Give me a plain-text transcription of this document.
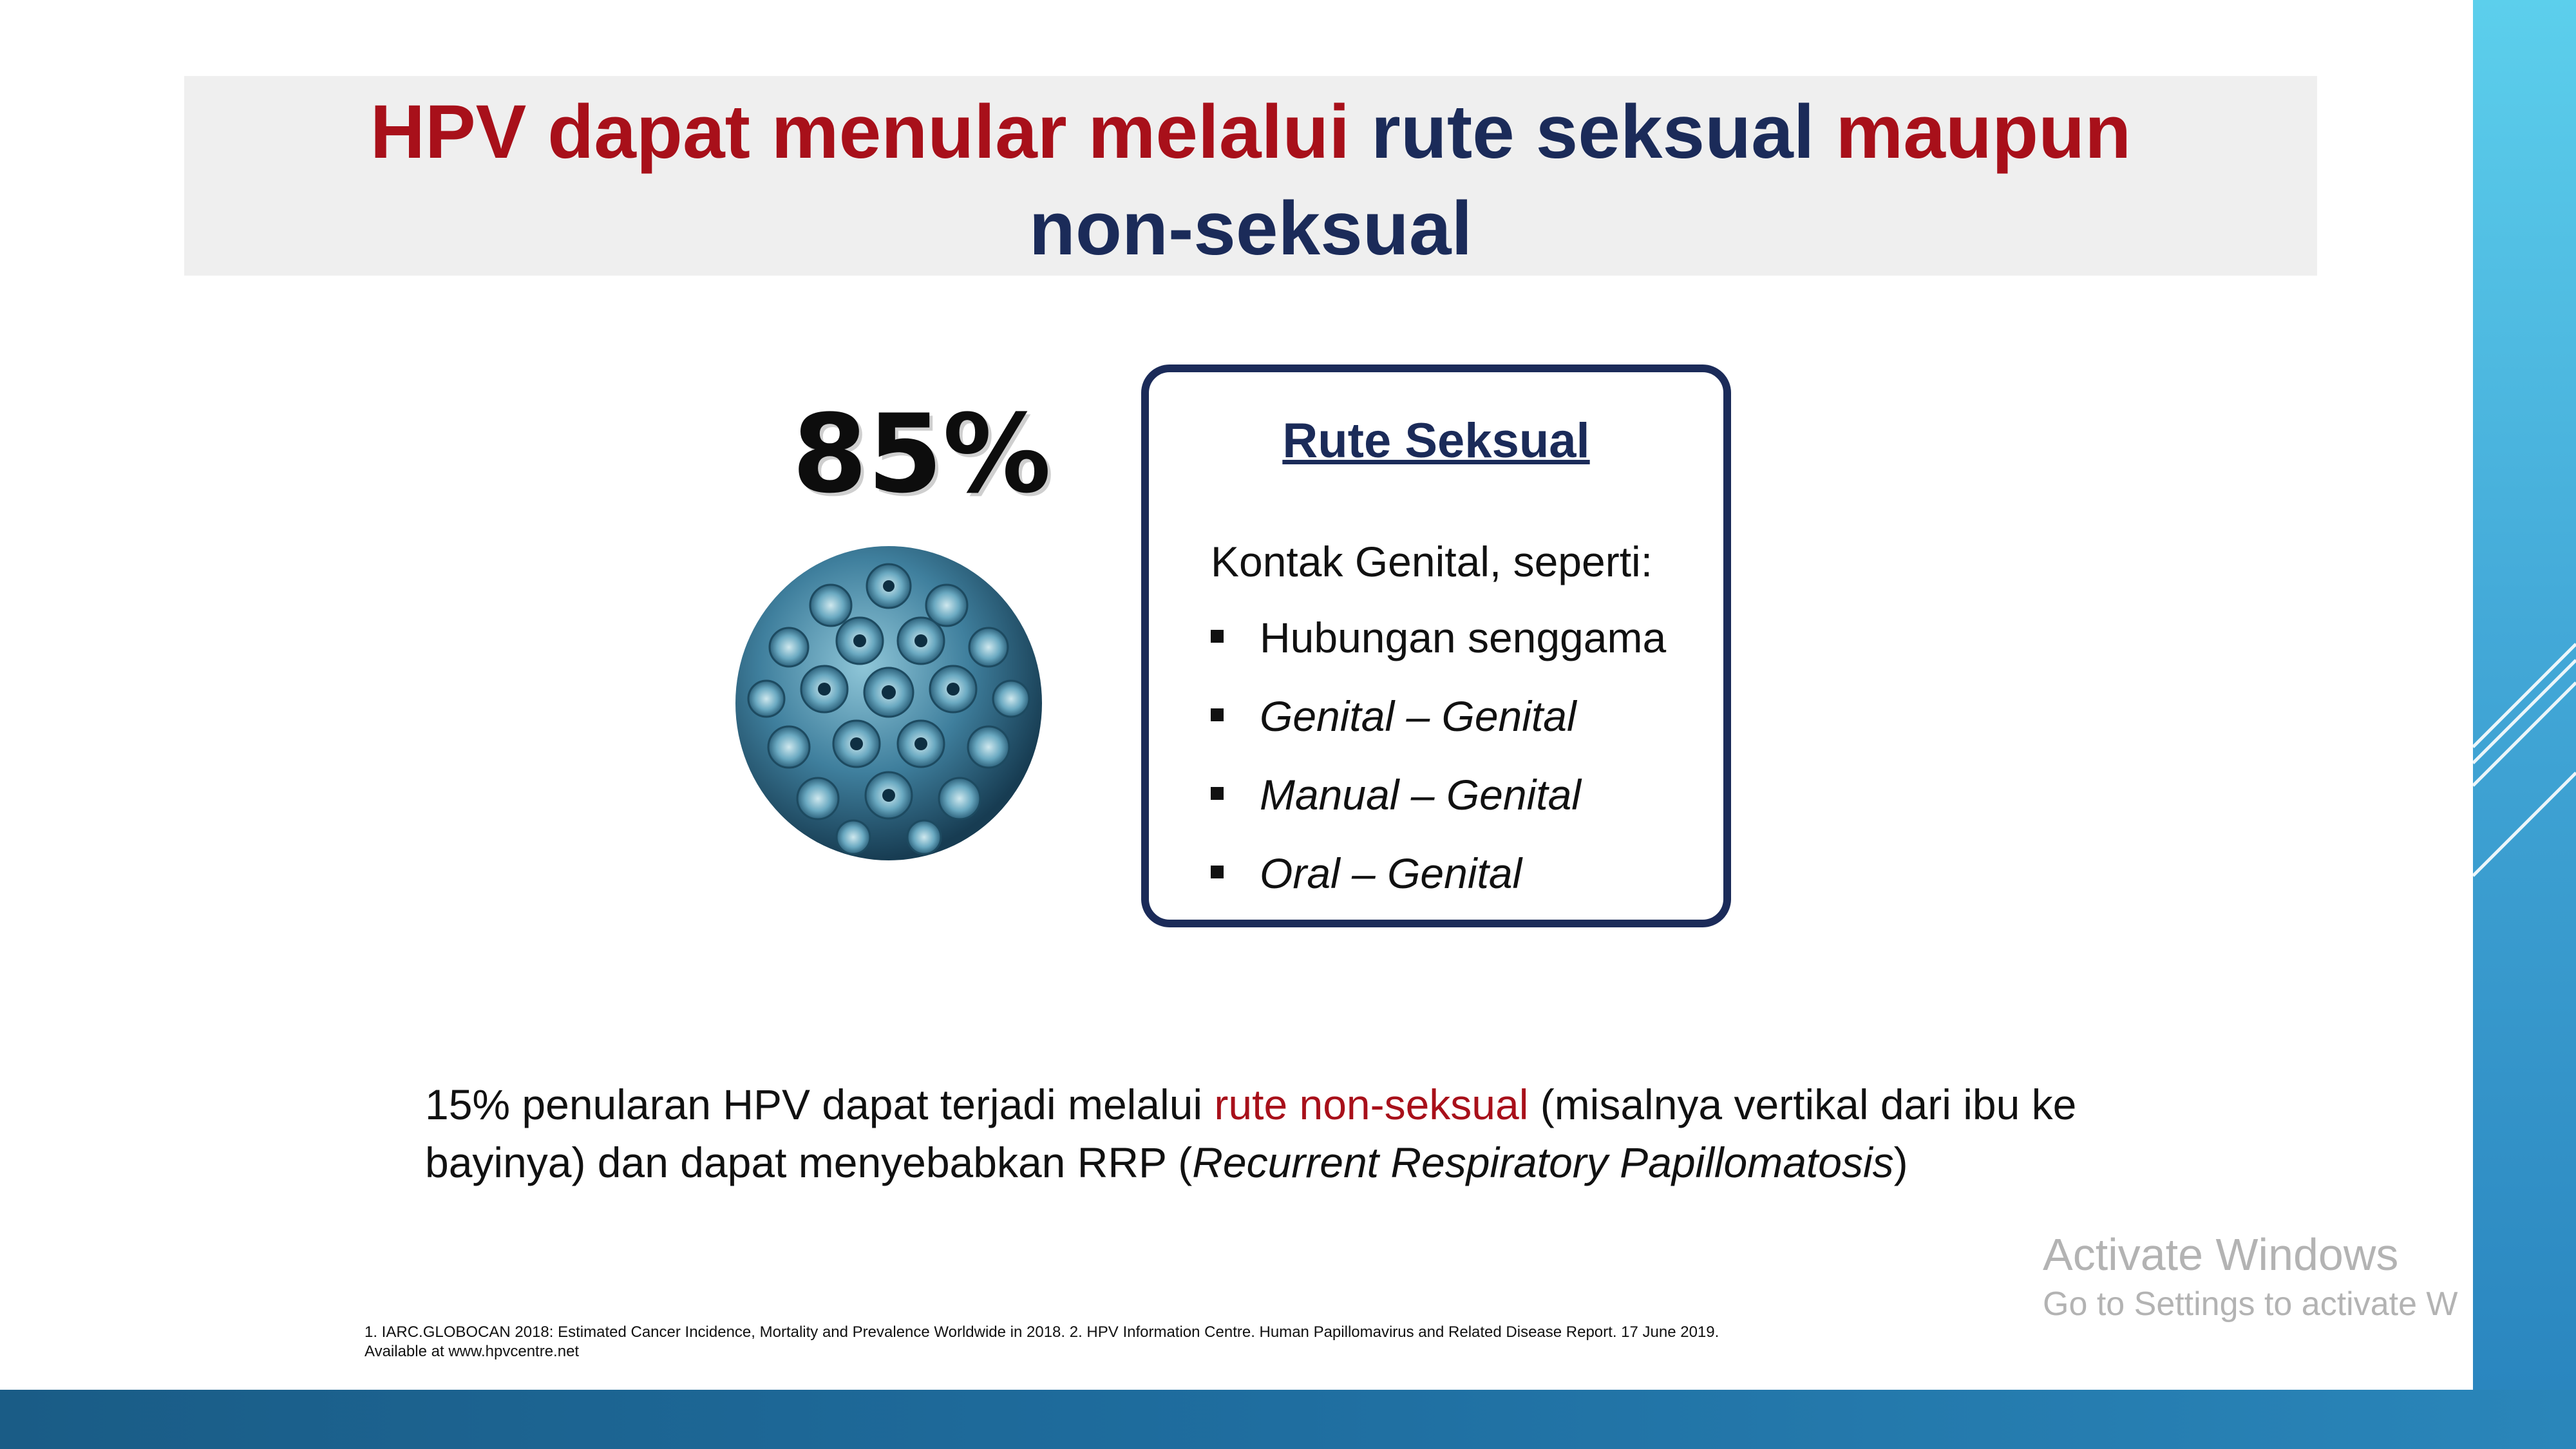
HPV dapat menular melalui rute seksual maupun
non-seksual
85%	Rute Seksual
Kontak Genital, seperti:
Hubungan senggama
Genital – Genital
Manual – Genital
Oral – Genital
15% penularan HPV dapat terjadi melalui rute non-seksual (misalnya vertikal dari ibu ke bayinya) dan dapat menyebabkan RRP (Recurrent Respiratory Papillomatosis)
1. IARC.GLOBOCAN 2018: Estimated Cancer Incidence, Mortality and Prevalence Worldwide in 2018. 2. HPV Information Centre. Human Papillomavirus and Related Disease Report. 17 June 2019.
Available at www.hpvcentre.net
Activate Windows
Go to Settings to activate W
